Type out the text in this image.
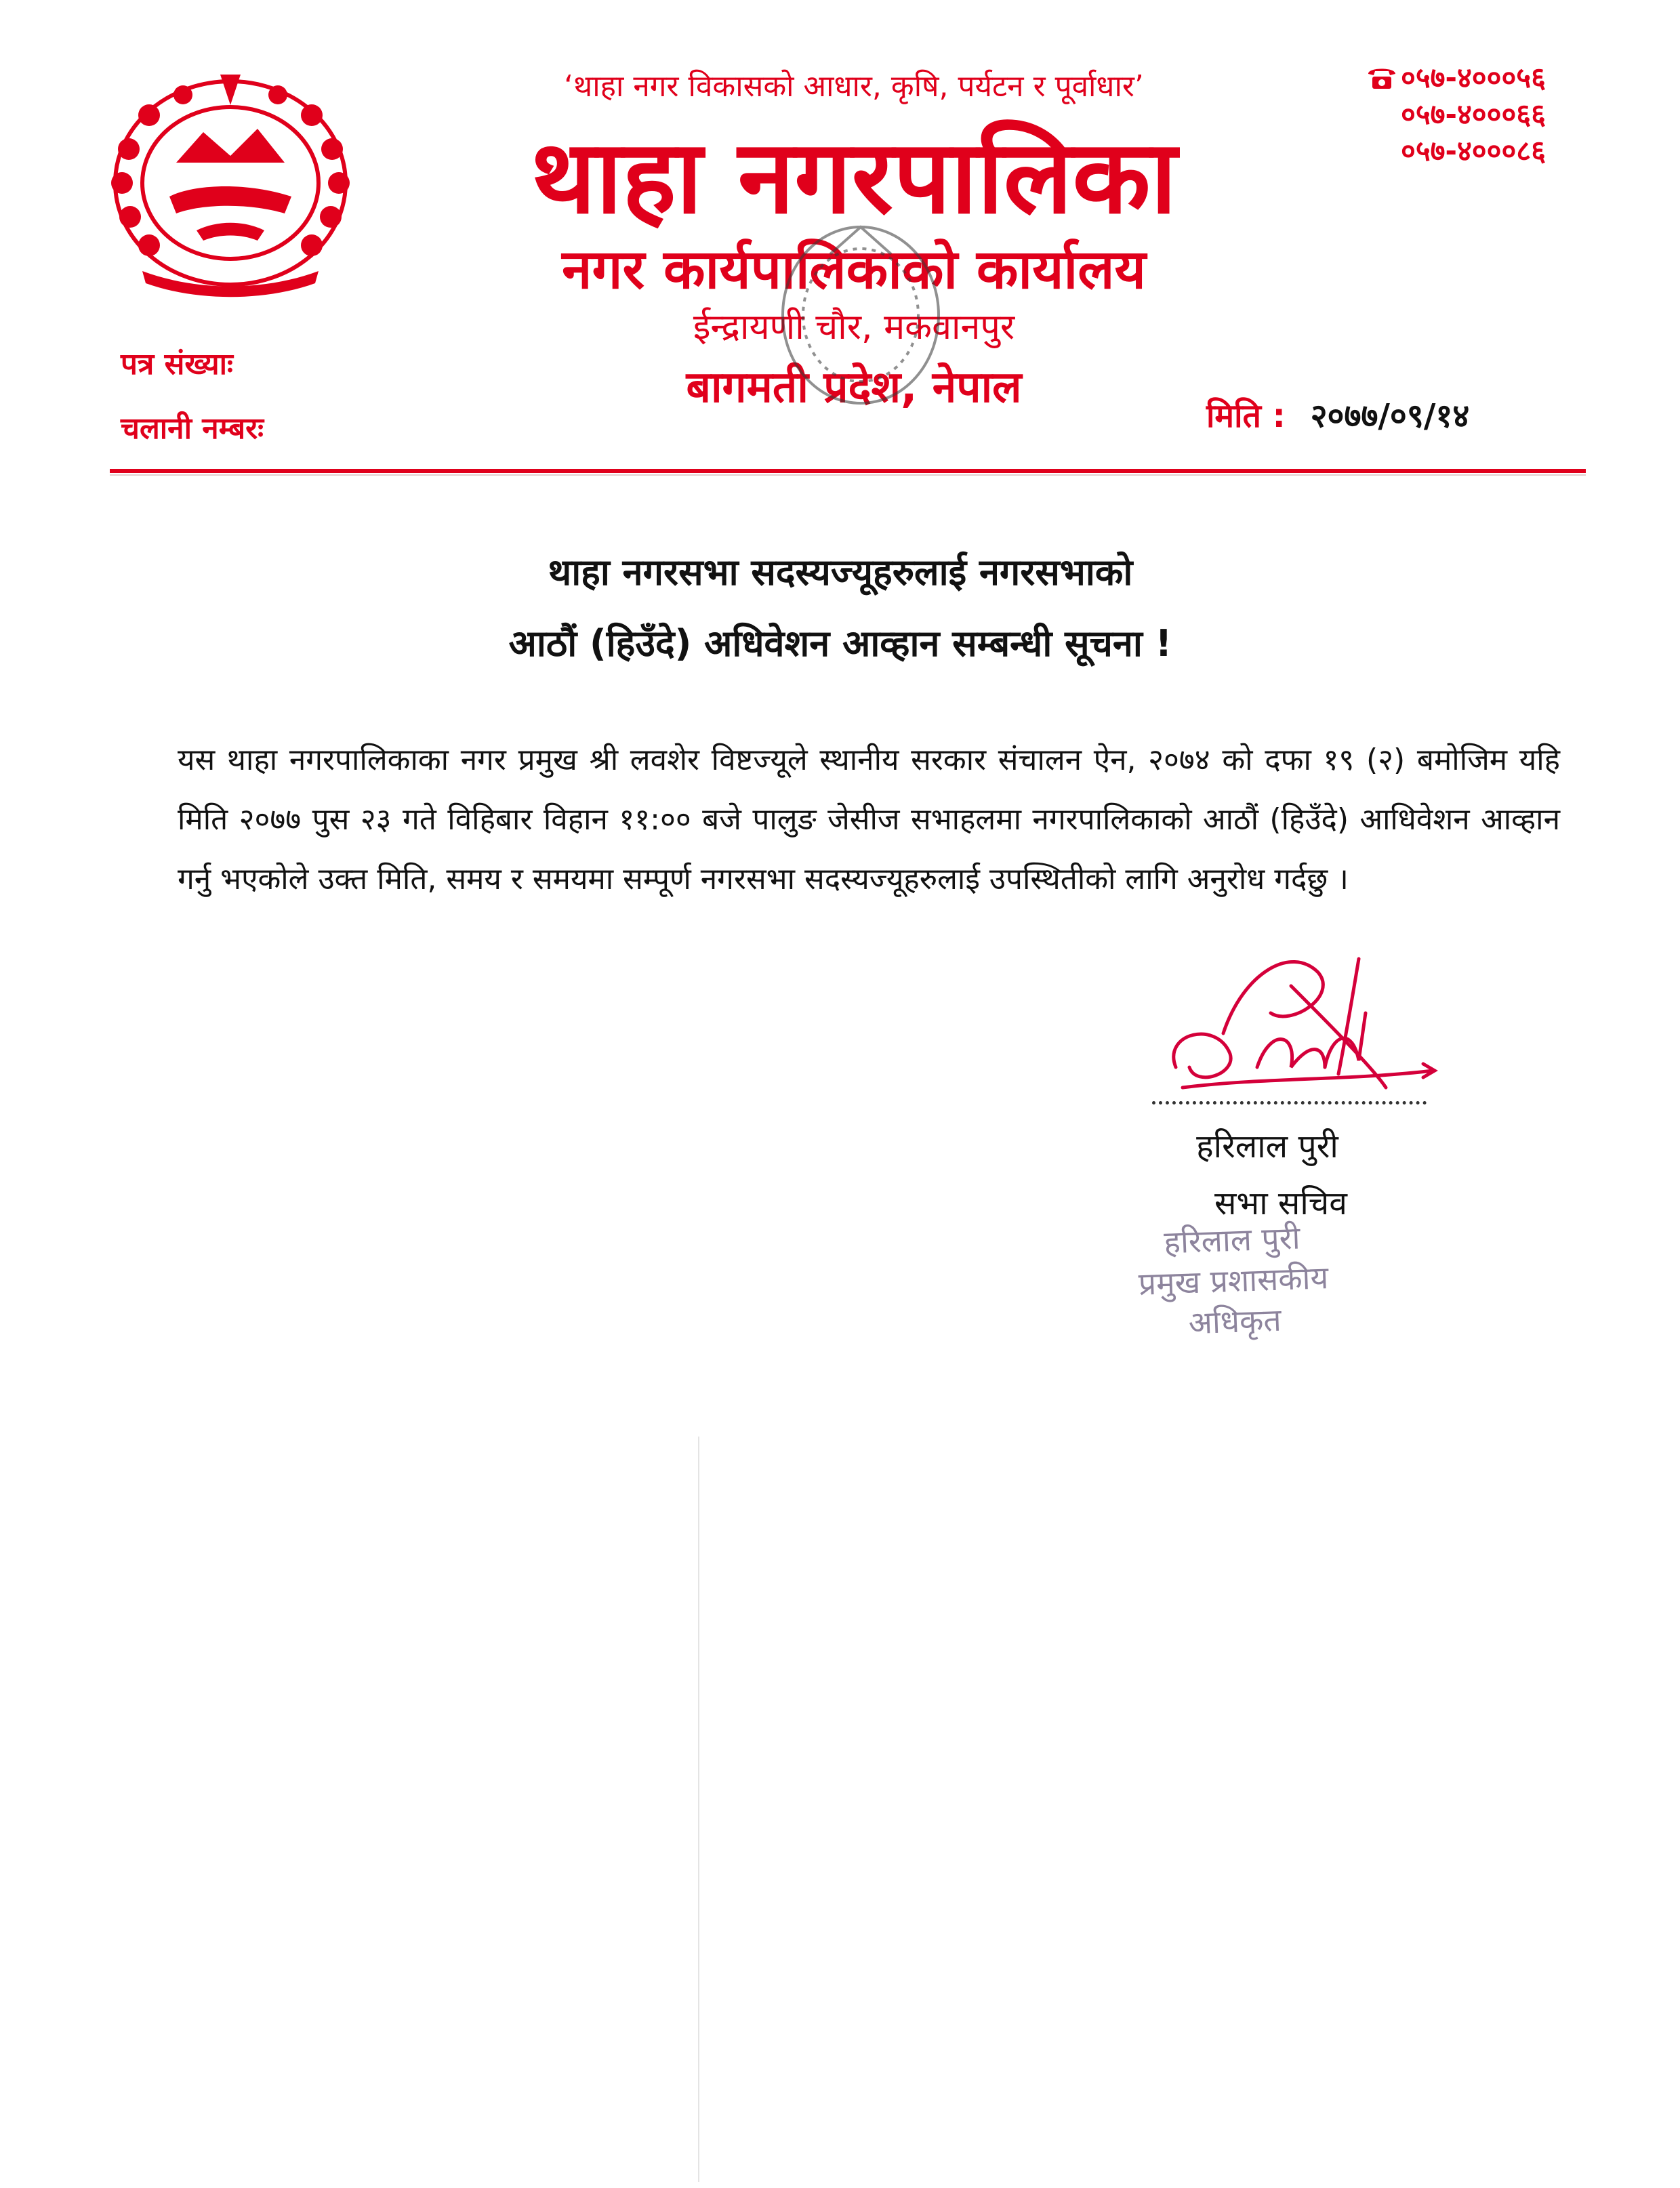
‘थाहा नगर विकासको आधार, कृषि, पर्यटन र पूर्वाधार’
थाहा नगरपालिका
नगर कार्यपालिकाको कार्यालय
ईन्द्रायणी चौर, मकवानपुर
बागमती प्रदेश, नेपाल
०५७-४०००५६
०५७-४०००६६
०५७-४०००८६
पत्र संख्याः
चलानी नम्बरः	मिति : २०७७/०९/१४
थाहा नगरसभा सदस्यज्यूहरुलाई नगरसभाको
आठौं (हिउँदे) अधिवेशन आव्हान सम्बन्धी सूचना !
यस थाहा नगरपालिकाका नगर प्रमुख श्री लवशेर विष्टज्यूले स्थानीय सरकार संचालन ऐन, २०७४ को दफा १९ (२) बमोजिम यहि मिति २०७७ पुस २३ गते विहिबार विहान ११:०० बजे पालुङ जेसीज सभाहलमा नगरपालिकाको आठौं (हिउँदे) आधिवेशन आव्हान गर्नु भएकोले उक्त मिति, समय र समयमा सम्पूर्ण नगरसभा सदस्यज्यूहरुलाई उपस्थितीको लागि अनुरोध गर्दछु ।
हरिलाल पुरी
सभा सचिव
हरिलाल पुरी
प्रमुख प्रशासकीय
अधिकृत
